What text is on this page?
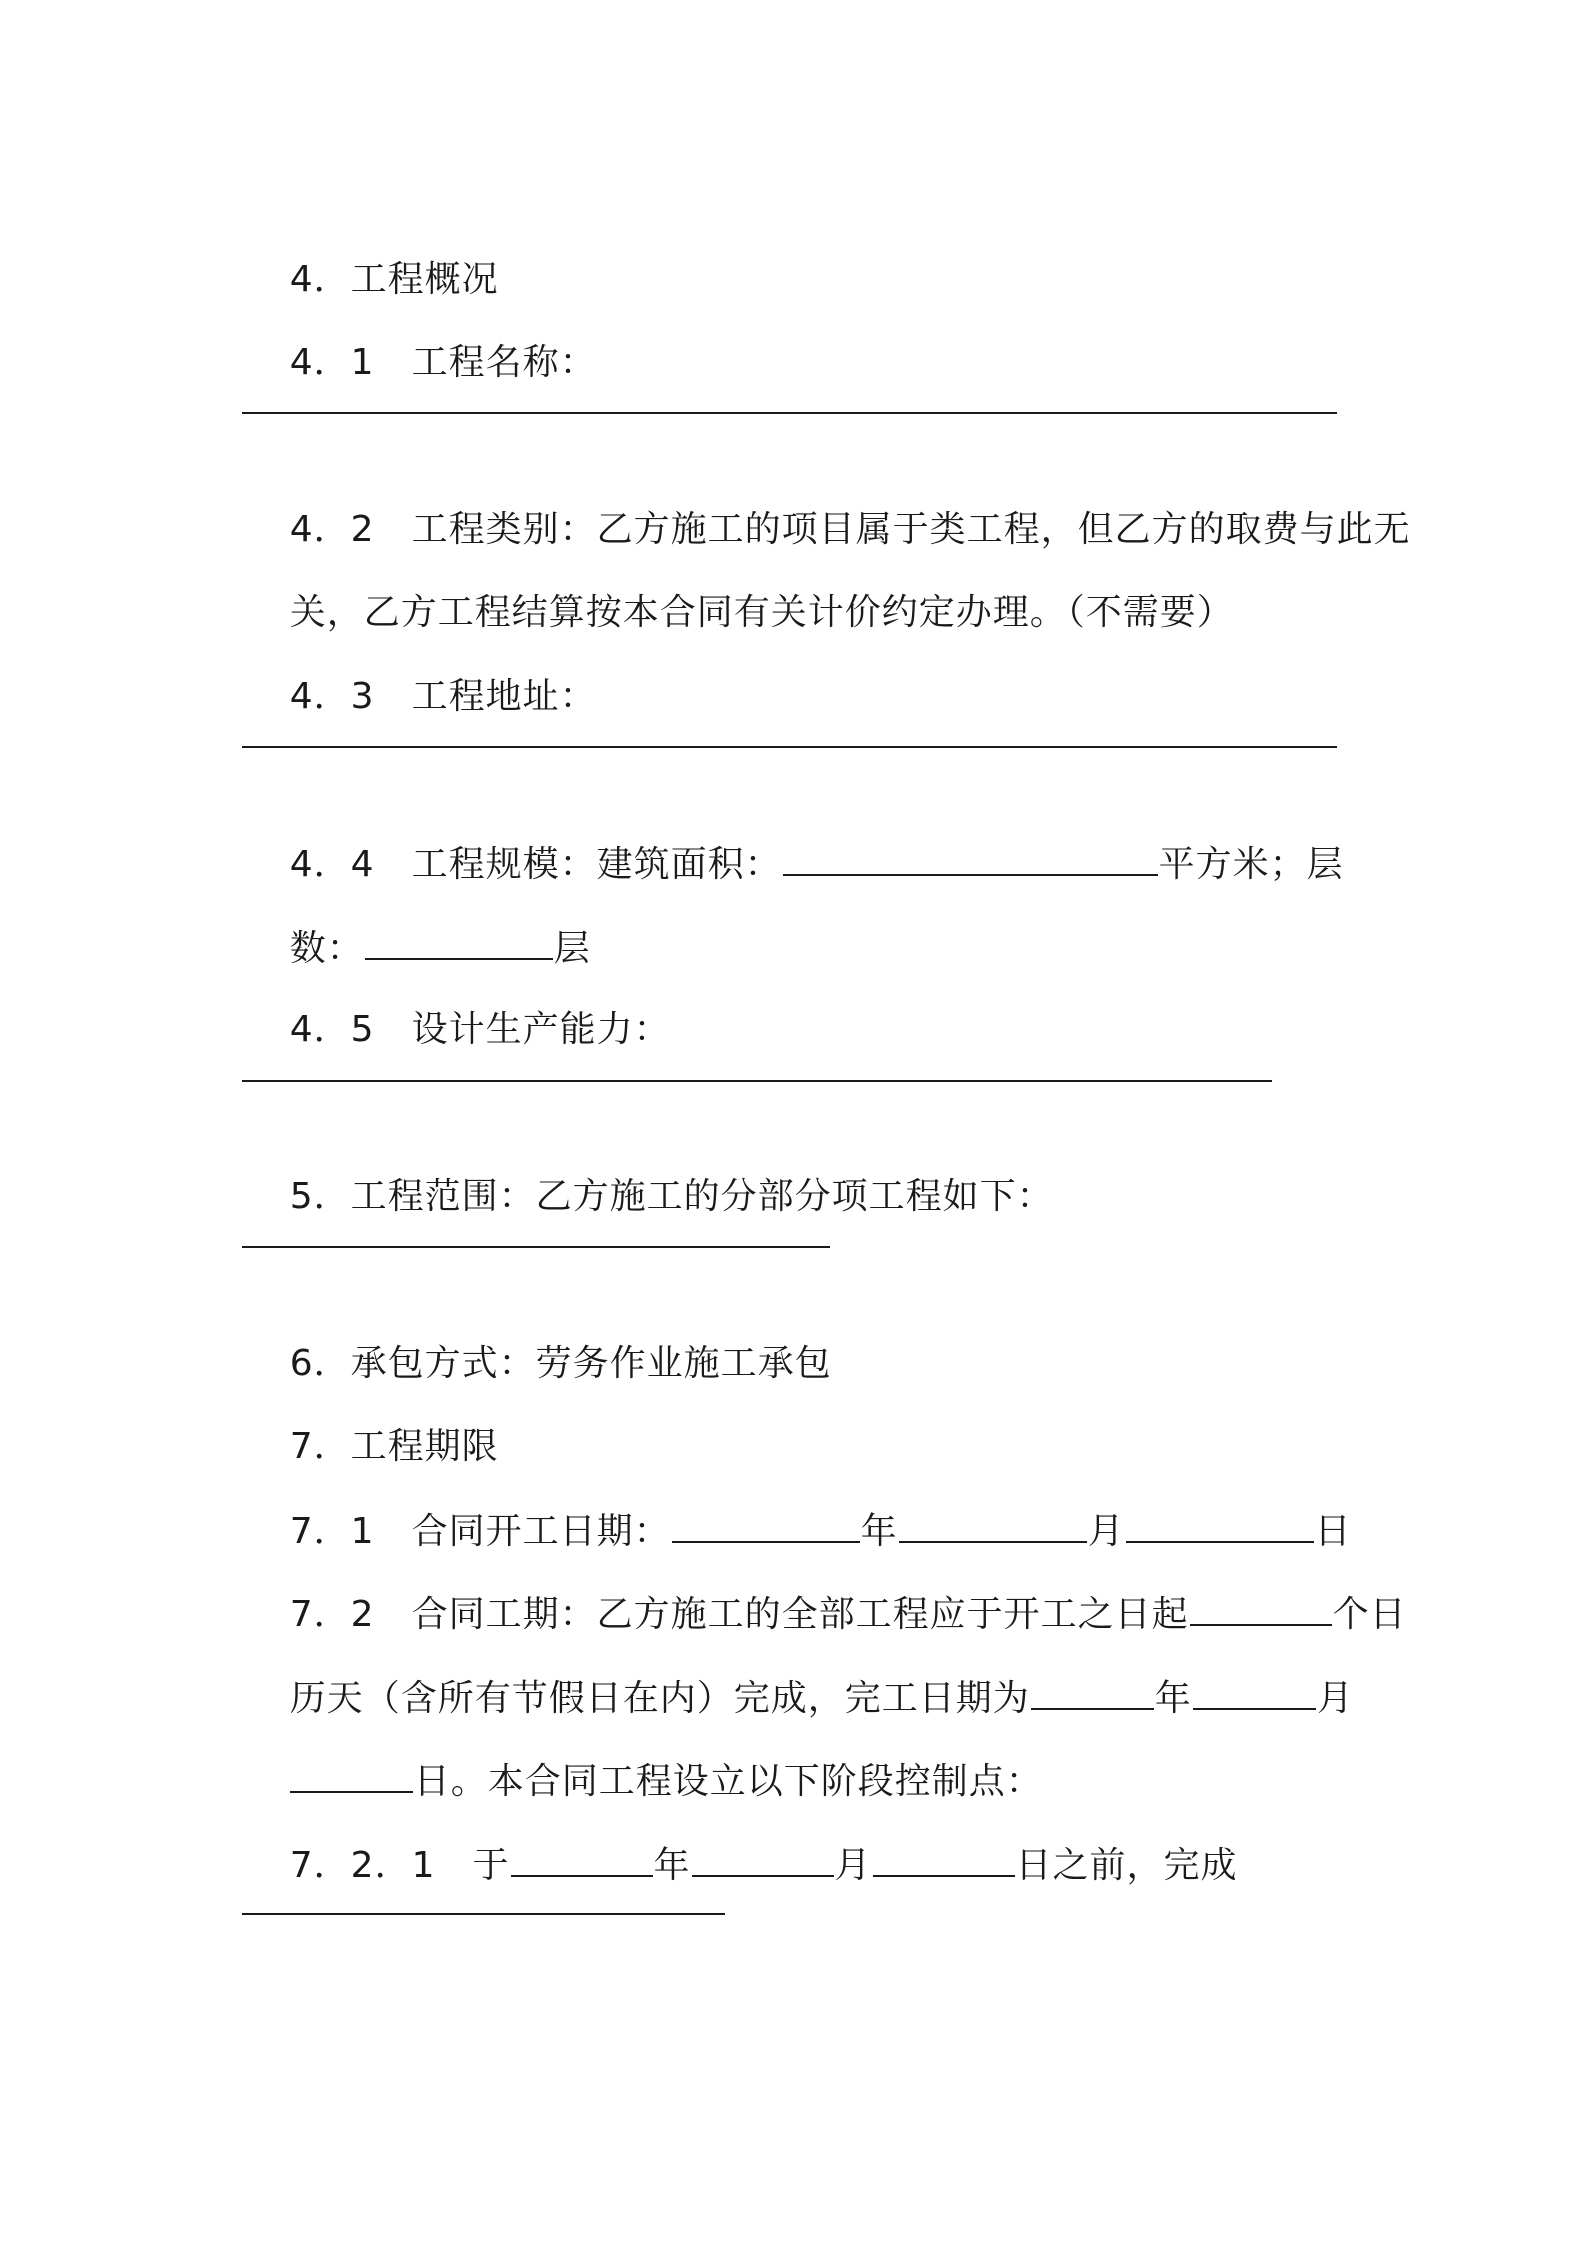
4．工程概况

4．1　工程名称：

4．2　工程类别：乙方施工的项目属于类工程，但乙方的取费与此无

关，乙方工程结算按本合同有关计价约定办理。（不需要）

4．3　工程地址：

4．4　工程规模：建筑面积：	平方米；层

数：	层

4．5　设计生产能力：

5．工程范围：乙方施工的分部分项工程如下：

6．承包方式：劳务作业施工承包

7．工程期限

7．1　合同开工日期：	年	月	日

7．2　合同工期：乙方施工的全部工程应于开工之日起	个日

历天（含所有节假日在内）完成，完工日期为	年	月

日。本合同工程设立以下阶段控制点：

7．2．1　于	年	月	日之前，完成
